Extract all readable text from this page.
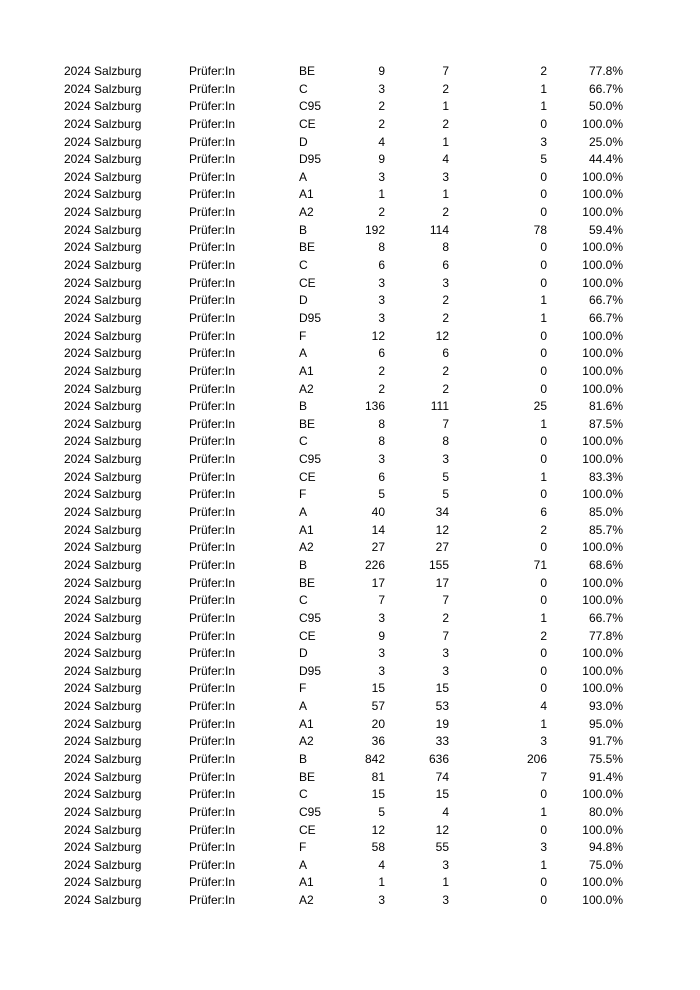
2024 Salzburg	Prüfer:In	BE	9	7	2	77.8%
2024 Salzburg	Prüfer:In	C	3	2	1	66.7%
2024 Salzburg	Prüfer:In	C95	2	1	1	50.0%
2024 Salzburg	Prüfer:In	CE	2	2	0	100.0%
2024 Salzburg	Prüfer:In	D	4	1	3	25.0%
2024 Salzburg	Prüfer:In	D95	9	4	5	44.4%
2024 Salzburg	Prüfer:In	A	3	3	0	100.0%
2024 Salzburg	Prüfer:In	A1	1	1	0	100.0%
2024 Salzburg	Prüfer:In	A2	2	2	0	100.0%
2024 Salzburg	Prüfer:In	B	192	114	78	59.4%
2024 Salzburg	Prüfer:In	BE	8	8	0	100.0%
2024 Salzburg	Prüfer:In	C	6	6	0	100.0%
2024 Salzburg	Prüfer:In	CE	3	3	0	100.0%
2024 Salzburg	Prüfer:In	D	3	2	1	66.7%
2024 Salzburg	Prüfer:In	D95	3	2	1	66.7%
2024 Salzburg	Prüfer:In	F	12	12	0	100.0%
2024 Salzburg	Prüfer:In	A	6	6	0	100.0%
2024 Salzburg	Prüfer:In	A1	2	2	0	100.0%
2024 Salzburg	Prüfer:In	A2	2	2	0	100.0%
2024 Salzburg	Prüfer:In	B	136	111	25	81.6%
2024 Salzburg	Prüfer:In	BE	8	7	1	87.5%
2024 Salzburg	Prüfer:In	C	8	8	0	100.0%
2024 Salzburg	Prüfer:In	C95	3	3	0	100.0%
2024 Salzburg	Prüfer:In	CE	6	5	1	83.3%
2024 Salzburg	Prüfer:In	F	5	5	0	100.0%
2024 Salzburg	Prüfer:In	A	40	34	6	85.0%
2024 Salzburg	Prüfer:In	A1	14	12	2	85.7%
2024 Salzburg	Prüfer:In	A2	27	27	0	100.0%
2024 Salzburg	Prüfer:In	B	226	155	71	68.6%
2024 Salzburg	Prüfer:In	BE	17	17	0	100.0%
2024 Salzburg	Prüfer:In	C	7	7	0	100.0%
2024 Salzburg	Prüfer:In	C95	3	2	1	66.7%
2024 Salzburg	Prüfer:In	CE	9	7	2	77.8%
2024 Salzburg	Prüfer:In	D	3	3	0	100.0%
2024 Salzburg	Prüfer:In	D95	3	3	0	100.0%
2024 Salzburg	Prüfer:In	F	15	15	0	100.0%
2024 Salzburg	Prüfer:In	A	57	53	4	93.0%
2024 Salzburg	Prüfer:In	A1	20	19	1	95.0%
2024 Salzburg	Prüfer:In	A2	36	33	3	91.7%
2024 Salzburg	Prüfer:In	B	842	636	206	75.5%
2024 Salzburg	Prüfer:In	BE	81	74	7	91.4%
2024 Salzburg	Prüfer:In	C	15	15	0	100.0%
2024 Salzburg	Prüfer:In	C95	5	4	1	80.0%
2024 Salzburg	Prüfer:In	CE	12	12	0	100.0%
2024 Salzburg	Prüfer:In	F	58	55	3	94.8%
2024 Salzburg	Prüfer:In	A	4	3	1	75.0%
2024 Salzburg	Prüfer:In	A1	1	1	0	100.0%
2024 Salzburg	Prüfer:In	A2	3	3	0	100.0%
